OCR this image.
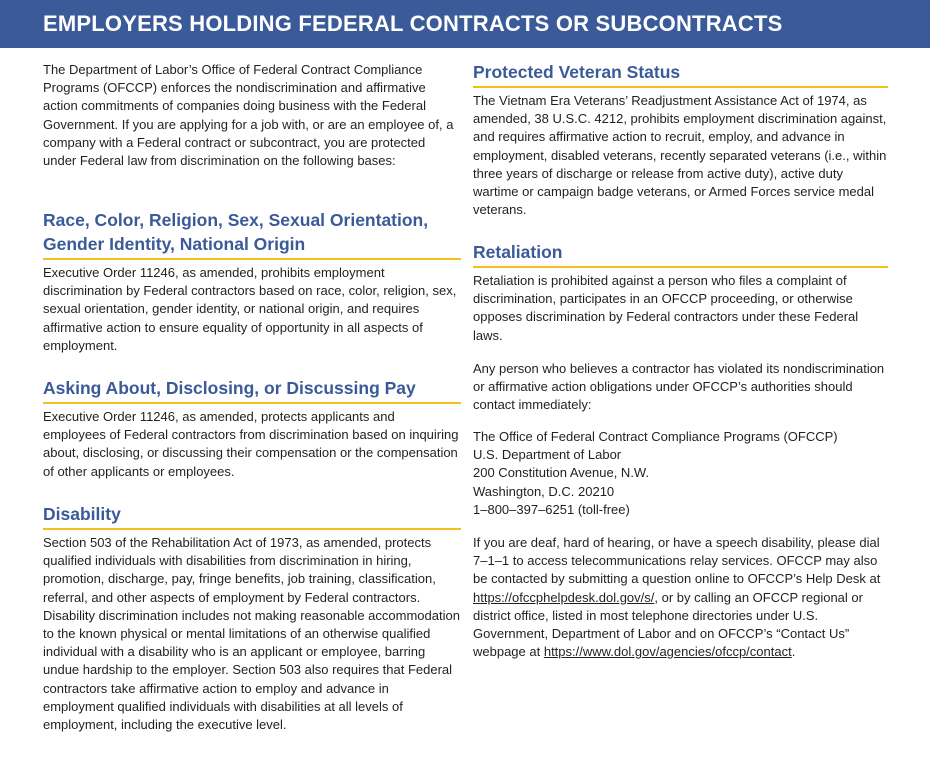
EMPLOYERS HOLDING FEDERAL CONTRACTS OR SUBCONTRACTS

The Department of Labor’s Office of Federal Contract Compliance Programs (OFCCP) enforces the nondiscrimination and affirmative action commitments of companies doing business with the Federal Government. If you are applying for a job with, or are an employee of, a company with a Federal contract or subcontract, you are protected under Federal law from discrimination on the following bases:

Race, Color, Religion, Sex, Sexual Orientation, Gender Identity, National Origin

Executive Order 11246, as amended, prohibits employment discrimination by Federal contractors based on race, color, religion, sex, sexual orientation, gender identity, or national origin, and requires affirmative action to ensure equality of opportunity in all aspects of employment.

Asking About, Disclosing, or Discussing Pay

Executive Order 11246, as amended, protects applicants and employees of Federal contractors from discrimination based on inquiring about, disclosing, or discussing their compensation or the compensation of other applicants or employees.

Disability

Section 503 of the Rehabilitation Act of 1973, as amended, protects qualified individuals with disabilities from discrimination in hiring, promotion, discharge, pay, fringe benefits, job training, classification, referral, and other aspects of employment by Federal contractors. Disability discrimination includes not making reasonable accommodation to the known physical or mental limitations of an otherwise qualified individual with a disability who is an applicant or employee, barring undue hardship to the employer. Section 503 also requires that Federal contractors take affirmative action to employ and advance in employment qualified individuals with disabilities at all levels of employment, including the executive level.

Protected Veteran Status

The Vietnam Era Veterans’ Readjustment Assistance Act of 1974, as amended, 38 U.S.C. 4212, prohibits employment discrimination against, and requires affirmative action to recruit, employ, and advance in employment, disabled veterans, recently separated veterans (i.e., within three years of discharge or release from active duty), active duty wartime or campaign badge veterans, or Armed Forces service medal veterans.

Retaliation

Retaliation is prohibited against a person who files a complaint of discrimination, participates in an OFCCP proceeding, or otherwise opposes discrimination by Federal contractors under these Federal laws.

Any person who believes a contractor has violated its nondiscrimination or affirmative action obligations under OFCCP’s authorities should contact immediately:

The Office of Federal Contract Compliance Programs (OFCCP)

U.S. Department of Labor

200 Constitution Avenue, N.W.

Washington, D.C. 20210

1–800–397–6251 (toll-free)

If you are deaf, hard of hearing, or have a speech disability, please dial 7–1–1 to access telecommunications relay services. OFCCP may also be contacted by submitting a question online to OFCCP’s Help Desk at https://ofccphelpdesk.dol.gov/s/, or by calling an OFCCP regional or district office, listed in most telephone directories under U.S. Government, Department of Labor and on OFCCP’s “Contact Us” webpage at https://www.dol.gov/agencies/ofccp/contact.
